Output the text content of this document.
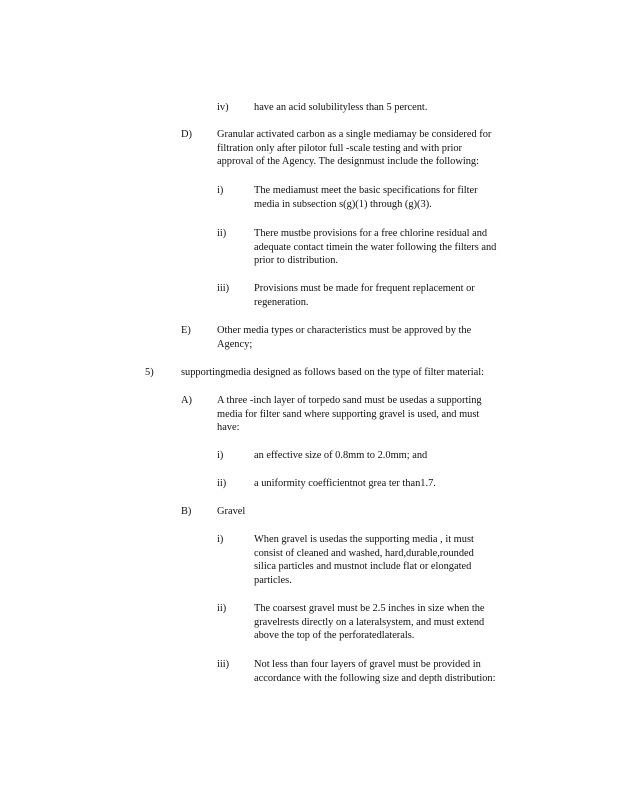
iv) have an acid solubilityless than 5 percent.
D) Granular activated carbon as a single mediamay be considered for
filtration only after pilotor full -scale testing and with prior
approval of the Agency. The designmust include the following:
i)	The mediamust meet the basic specifications for filter
media in subsection s(g)(1) through (g)(3).
ii)	There mustbe provisions for a free chlorine residual and
adequate contact timein the water following the filters and
prior to distribution.
iii) Provisions must be made for frequent replacement or
regeneration.
E)	Other media types or characteristics must be approved by the
Agency;
5)	supportingmedia designed as follows based on the type of filter material:
A) A three -inch layer of torpedo sand must be usedas a supporting
media for filter sand where supporting gravel is used, and must
have:
i)	an effective size of 0.8mm to 2.0mm; and
ii)	a uniformity coefficientnot grea ter than1.7.
B) Gravel
i)	When gravel is usedas the supporting media , it must
consist of cleaned and washed, hard,durable,rounded
silica particles and mustnot include flat or elongated
particles.
ii)	The coarsest gravel must be 2.5 inches in size when the
gravelrests directly on a lateralsystem, and must extend
above the top of the perforatedlaterals.
iii) Not less than four layers of gravel must be provided in
accordance with the following size and depth distribution:
